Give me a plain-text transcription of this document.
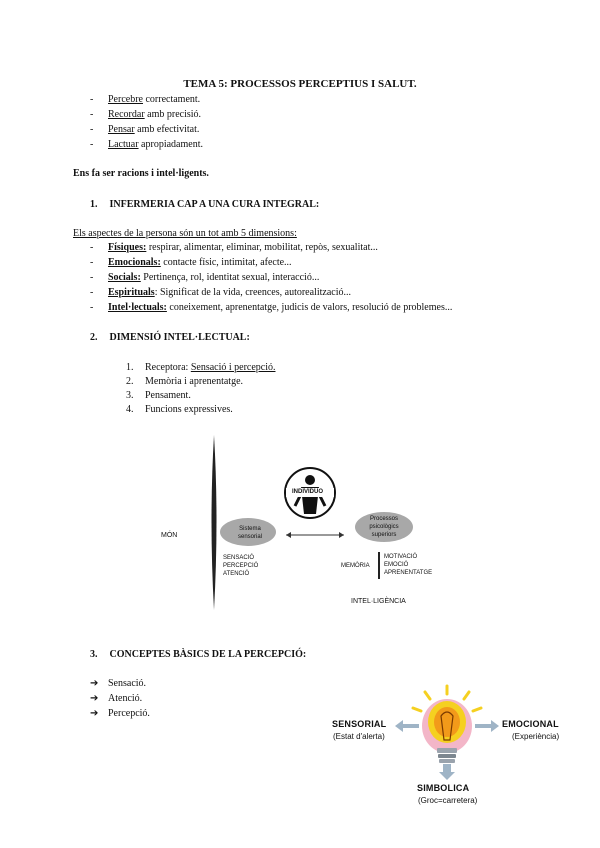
TEMA 5: PROCESSOS PERCEPTIUS I SALUT.
- Percebre correctament.
- Recordar amb precisió.
- Pensar amb efectivitat.
- Lactuar apropiadament.
Ens fa ser racions i intel·ligents.
1. INFERMERIA CAP A UNA CURA INTEGRAL:
Els aspectes de la persona són un tot amb 5 dimensions:
- Físiques: respirar, alimentar, eliminar, mobilitat, repòs, sexualitat...
- Emocionals: contacte físic, intimitat, afecte...
- Socials: Pertinença, rol, identitat sexual, interacció...
- Espirituals: Significat de la vida, creences, autorealització...
- Intel·lectuals: coneixement, aprenentatge, judicis de valors, resolució de problemes...
2. DIMENSIÓ INTEL·LECTUAL:
1. Receptora: Sensació i percepció.
2. Memòria i aprenentatge.
3. Pensament.
4. Funcions expressives.
MÓN
INDIVIDUO
Sistema sensorial
Processos psicològics superiors
SENSACIÓ
PERCEPCIÓ
ATENCIÓ
MEMÒRIA
MOTIVACIÓ
EMOCIÓ
APRENENTATGE
INTEL·LIGÈNCIA
3. CONCEPTES BÀSICS DE LA PERCEPCIÓ:
➔ Sensació.
➔ Atenció.
➔ Percepció.
SENSORIAL
(Estat d'alerta)
EMOCIONAL
(Experiència)
SIMBOLICA
(Groc=carretera)
